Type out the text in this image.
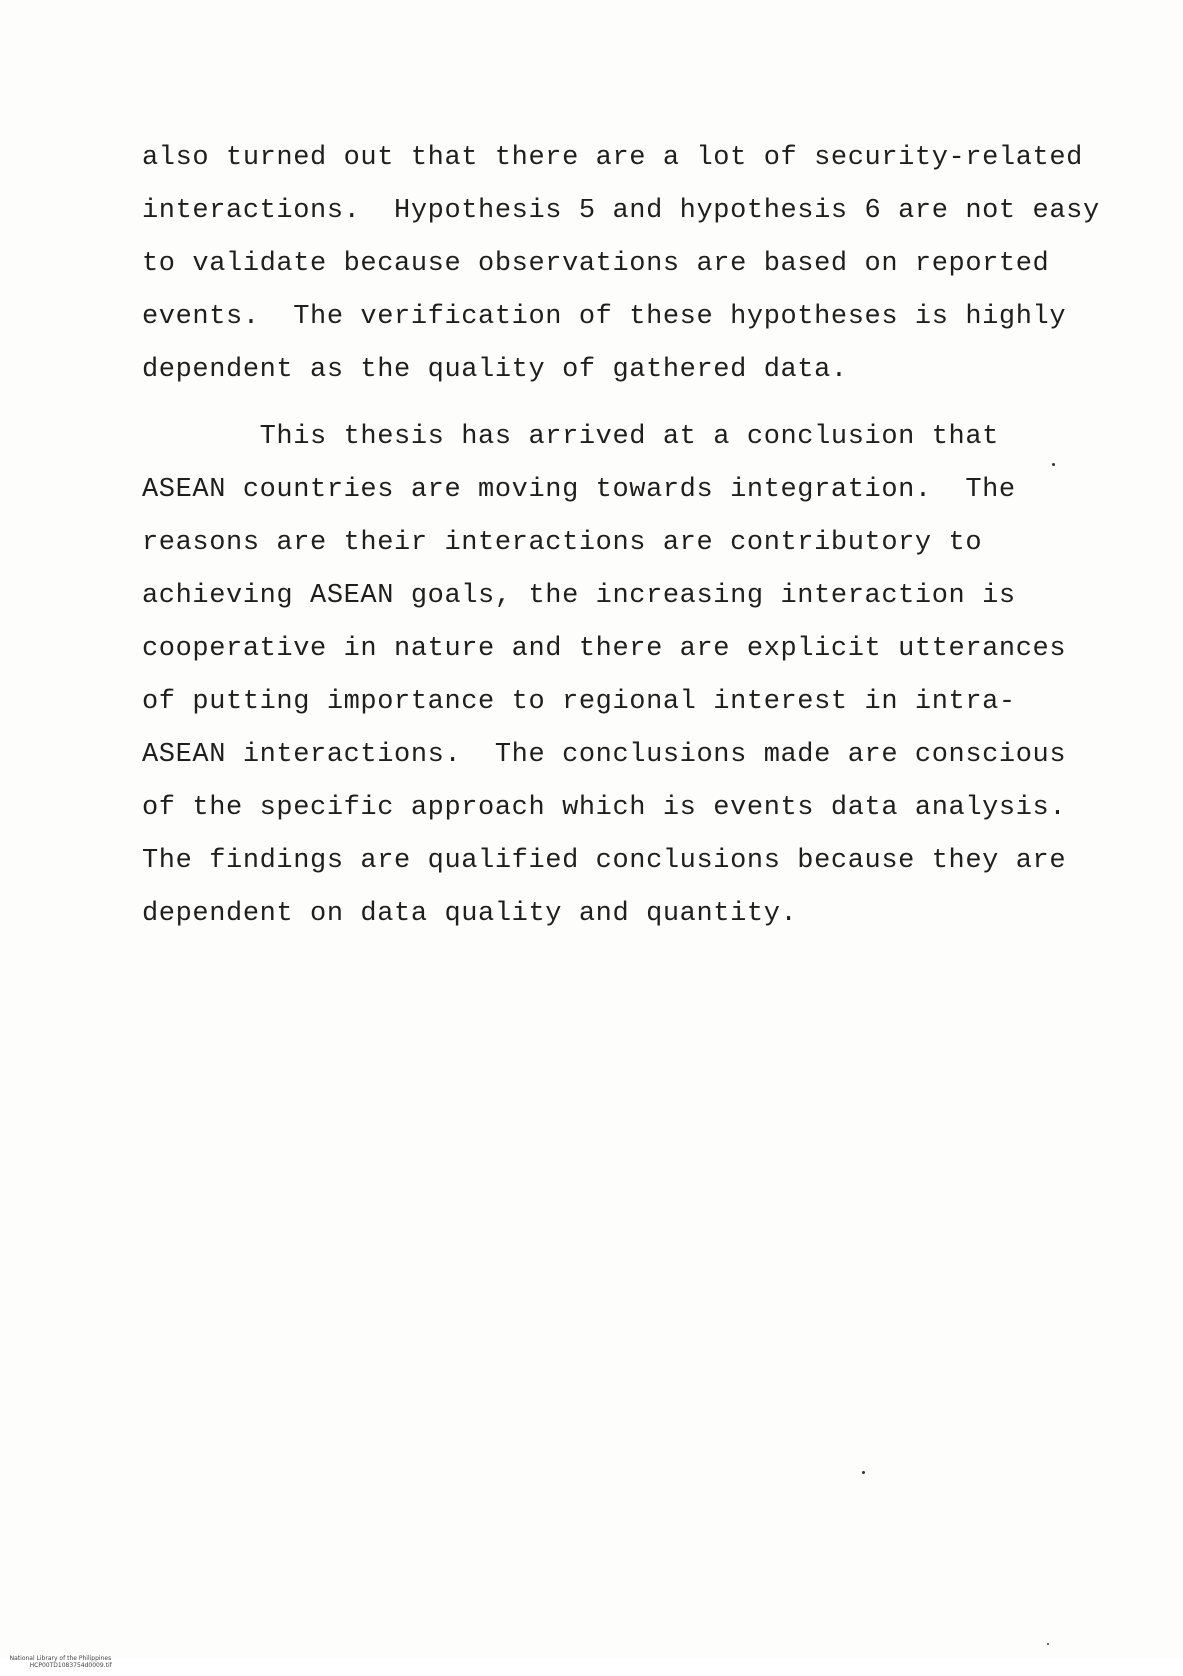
also turned out that there are a lot of security-related
interactions.  Hypothesis 5 and hypothesis 6 are not easy
to validate because observations are based on reported
events.  The verification of these hypotheses is highly
dependent as the quality of gathered data.
This thesis has arrived at a conclusion that
ASEAN countries are moving towards integration.  The
reasons are their interactions are contributory to
achieving ASEAN goals, the increasing interaction is
cooperative in nature and there are explicit utterances
of putting importance to regional interest in intra-
ASEAN interactions.  The conclusions made are conscious
of the specific approach which is events data analysis.
The findings are qualified conclusions because they are
dependent on data quality and quantity.

National Library of the Philippines
HCP00TD1083754d0009.tif
